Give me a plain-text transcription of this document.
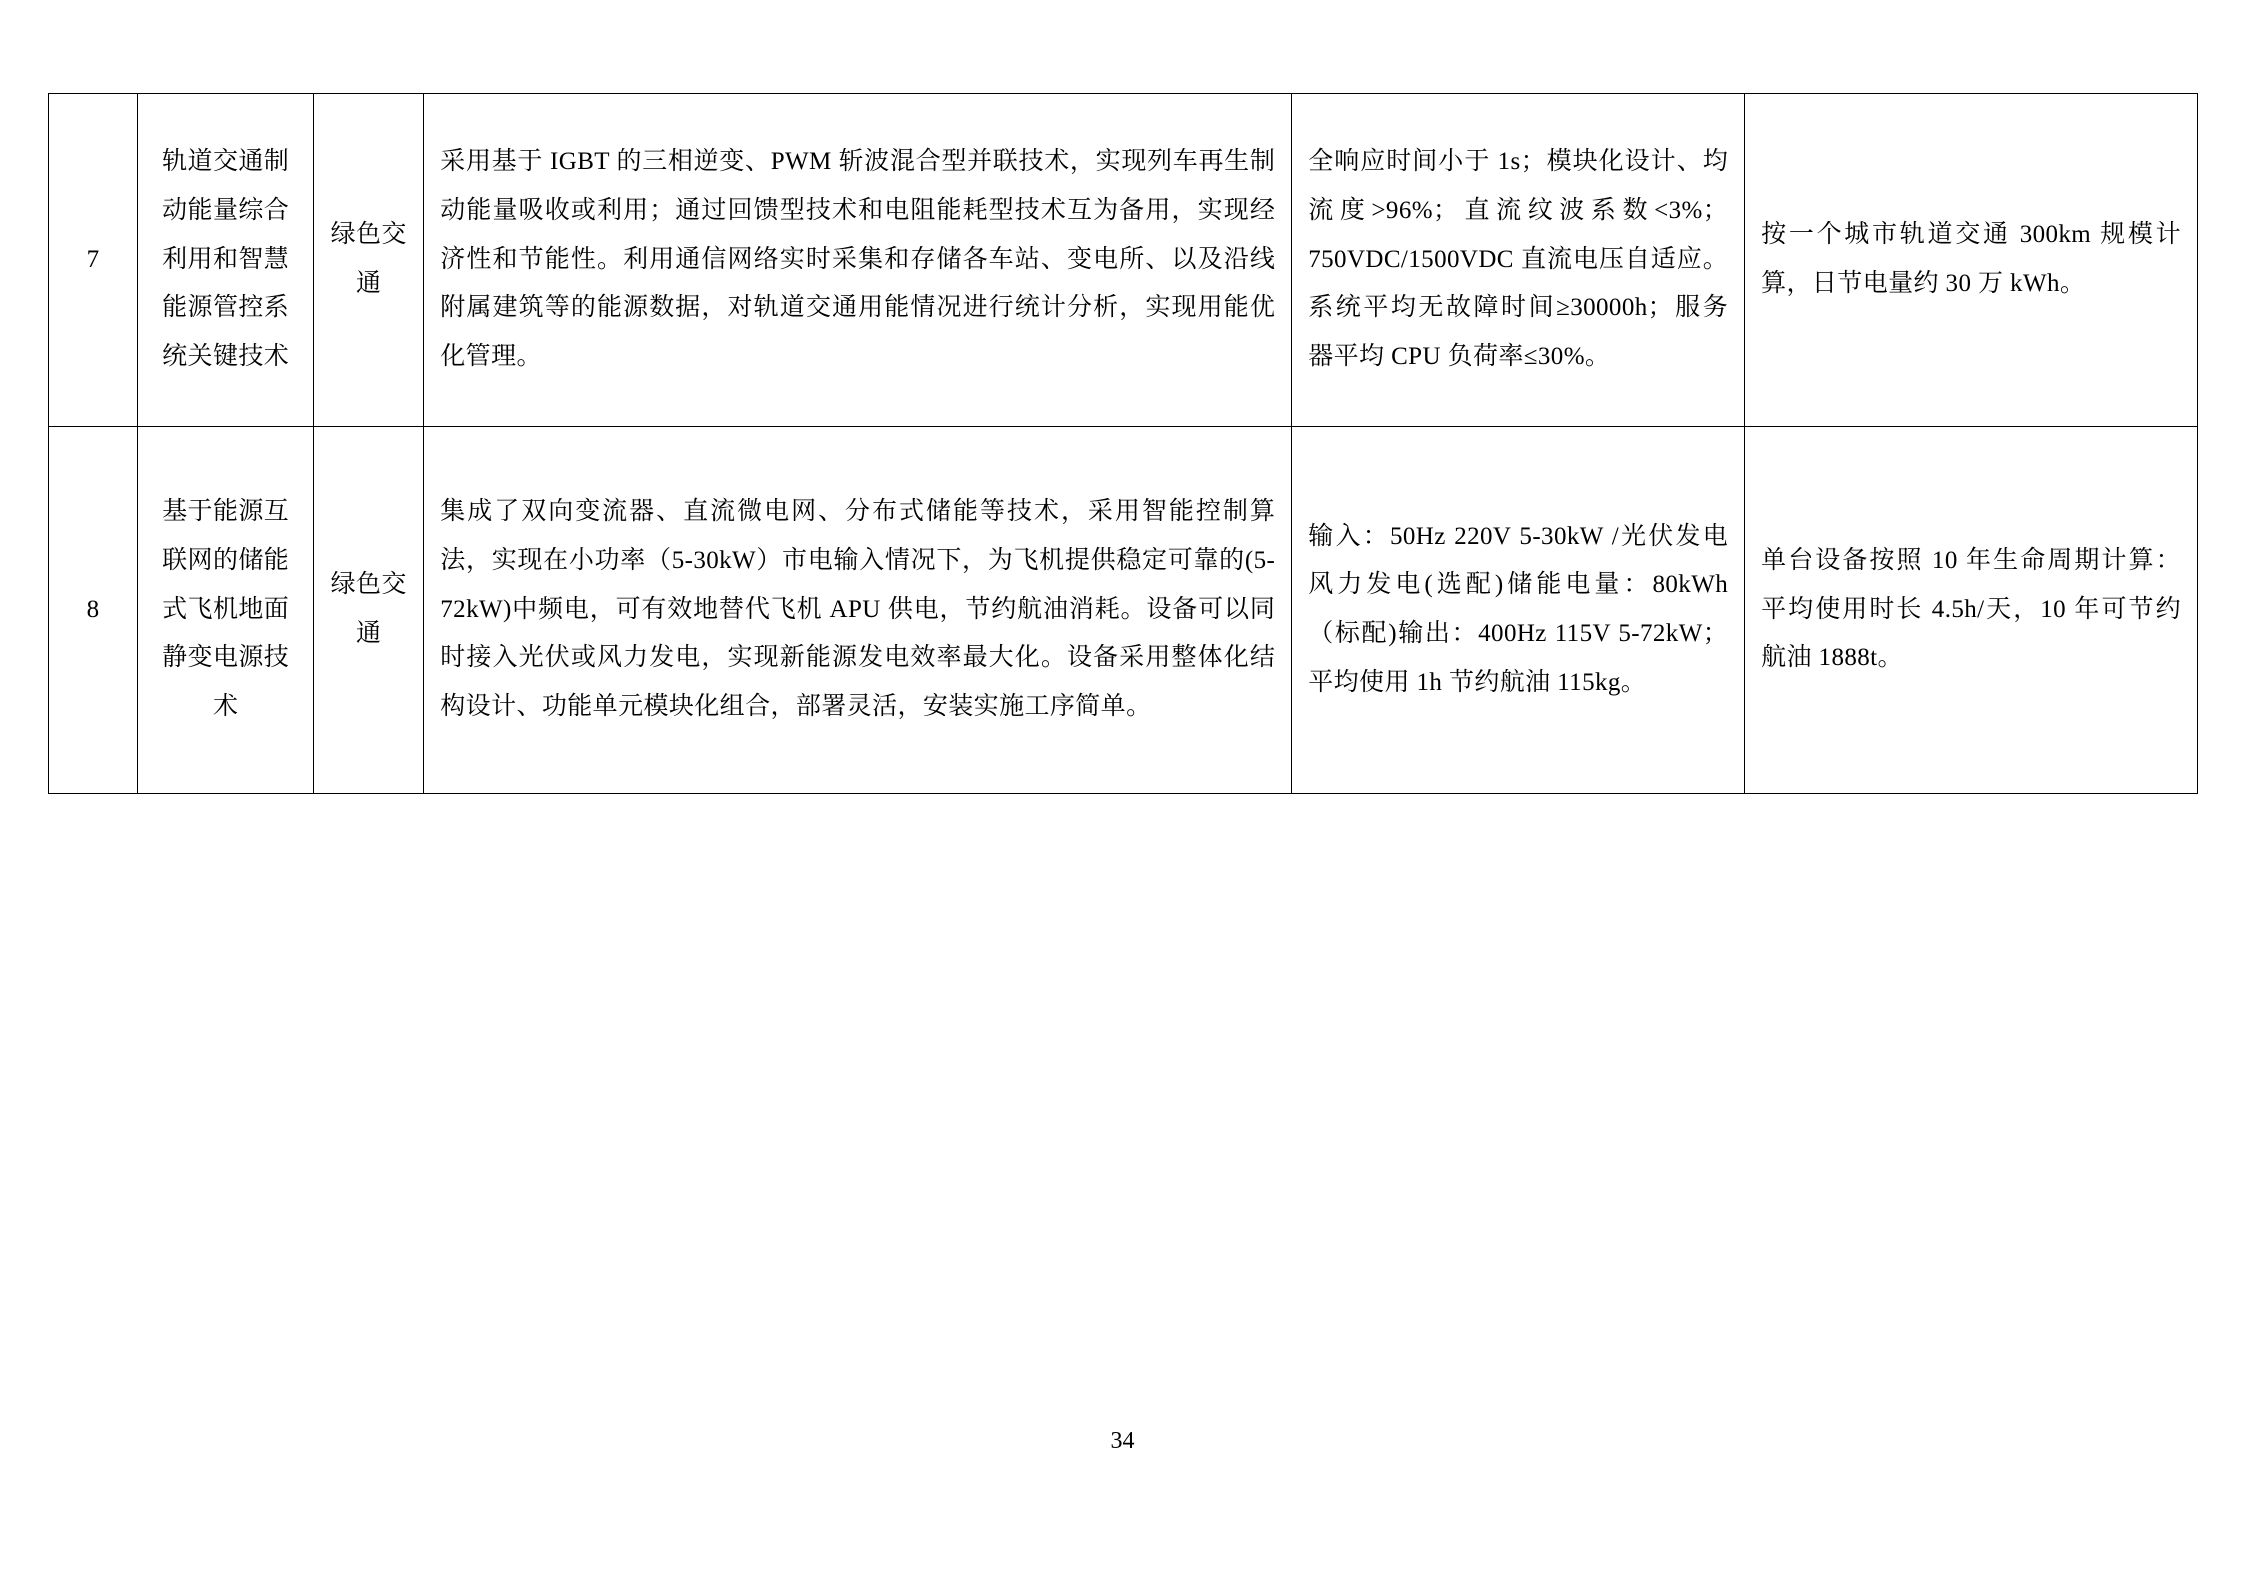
7	轨道交通制动能量综合利用和智慧能源管控系统关键技术	绿色交通	采用基于 IGBT 的三相逆变、PWM 斩波混合型并联技术，实现列车再生制动能量吸收或利用；通过回馈型技术和电阻能耗型技术互为备用，实现经济性和节能性。利用通信网络实时采集和存储各车站、变电所、以及沿线附属建筑等的能源数据，对轨道交通用能情况进行统计分析，实现用能优化管理。	全响应时间小于 1s；模块化设计、均流度>96%；直流纹波系数<3%；750VDC/1500VDC 直流电压自适应。系统平均无故障时间≥30000h；服务器平均 CPU 负荷率≤30%。	按一个城市轨道交通 300km 规模计算，日节电量约 30 万 kWh。
8	基于能源互联网的储能式飞机地面静变电源技术	绿色交通	集成了双向变流器、直流微电网、分布式储能等技术，采用智能控制算法，实现在小功率（5-30kW）市电输入情况下，为飞机提供稳定可靠的(5-72kW)中频电，可有效地替代飞机 APU 供电，节约航油消耗。设备可以同时接入光伏或风力发电，实现新能源发电效率最大化。设备采用整体化结构设计、功能单元模块化组合，部署灵活，安装实施工序简单。	输入：50Hz 220V 5-30kW /光伏发电风力发电(选配)储能电量：80kWh（标配)输出：400Hz 115V 5-72kW；平均使用 1h 节约航油 115kg。	单台设备按照 10 年生命周期计算：平均使用时长 4.5h/天，10 年可节约航油 1888t。
34
